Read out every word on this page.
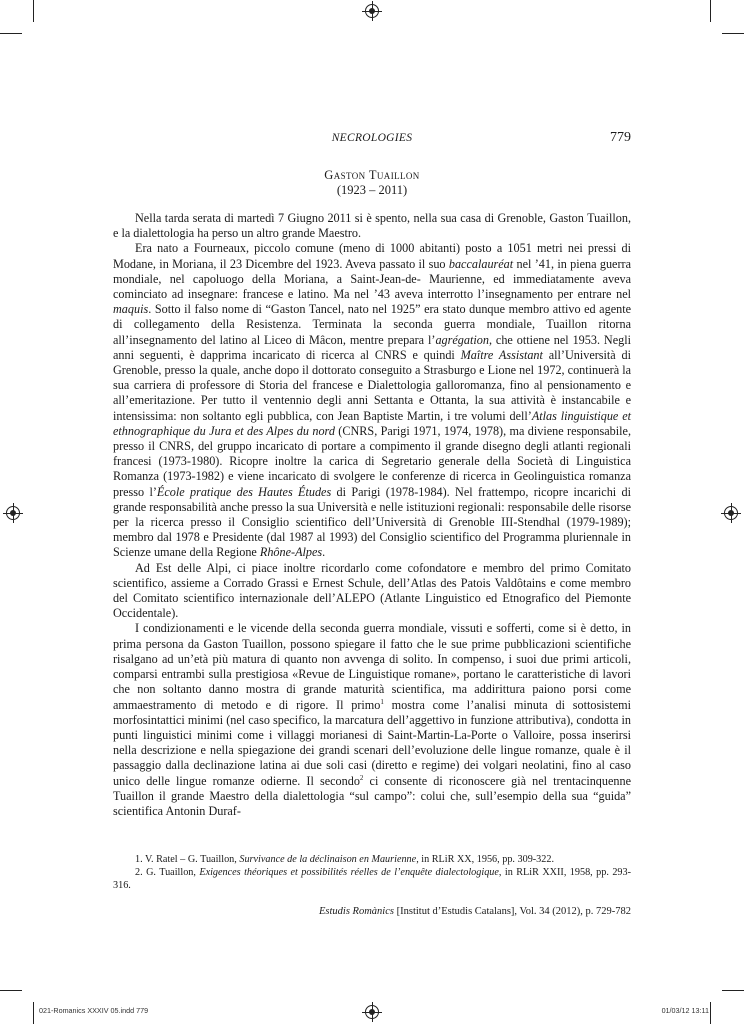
NECROLOGIES	779
Gaston Tuaillon
(1923 – 2011)

Nella tarda serata di martedì 7 Giugno 2011 si è spento, nella sua casa di Grenoble, Gaston Tuaillon, e la dialettologia ha perso un altro grande Maestro.

Era nato a Fourneaux, piccolo comune (meno di 1000 abitanti) posto a 1051 metri nei pressi di Modane, in Moriana, il 23 Dicembre del 1923. Aveva passato il suo baccalauréat nel ’41, in piena guerra mondiale, nel capoluogo della Moriana, a Saint-Jean-de- Maurienne, ed immediatamente aveva cominciato ad insegnare: francese e latino. Ma nel ’43 aveva interrotto l’insegnamento per entrare nel maquis. Sotto il falso nome di “Gaston Tancel, nato nel 1925” era stato dunque membro attivo ed agente di collegamento della Resistenza. Terminata la seconda guerra mondiale, Tuaillon ritorna all’insegnamento del latino al Liceo di Mâcon, mentre prepara l’agrégation, che ottiene nel 1953. Negli anni seguenti, è dapprima incaricato di ricerca al CNRS e quindi Maître Assistant all’Università di Grenoble, presso la quale, anche dopo il dottorato conseguito a Strasburgo e Lione nel 1972, continuerà la sua carriera di professore di Storia del francese e Dialettologia galloromanza, fino al pensionamento e all’emeritazione. Per tutto il ventennio degli anni Settanta e Ottanta, la sua attività è instancabile e intensissima: non soltanto egli pubblica, con Jean Baptiste Martin, i tre volumi dell’Atlas linguistique et ethnographique du Jura et des Alpes du nord (CNRS, Parigi 1971, 1974, 1978), ma diviene responsabile, presso il CNRS, del gruppo incaricato di portare a compimento il grande disegno degli atlanti regionali francesi (1973-1980). Ricopre inoltre la carica di Segretario generale della Società di Linguistica Romanza (1973-1982) e viene incaricato di svolgere le conferenze di ricerca in Geolinguistica romanza presso l’École pratique des Hautes Études di Parigi (1978-1984). Nel frattempo, ricopre incarichi di grande responsabilità anche presso la sua Università e nelle istituzioni regionali: responsabile delle risorse per la ricerca presso il Consiglio scientifico dell’Università di Grenoble III-Stendhal (1979-1989); membro dal 1978 e Presidente (dal 1987 al 1993) del Consiglio scientifico del Programma pluriennale in Scienze umane della Regione Rhône-Alpes.

Ad Est delle Alpi, ci piace inoltre ricordarlo come cofondatore e membro del primo Comitato scientifico, assieme a Corrado Grassi e Ernest Schule, dell’Atlas des Patois Valdôtains e come membro del Comitato scientifico internazionale dell’ALEPO (Atlante Linguistico ed Etnografico del Piemonte Occidentale).

I condizionamenti e le vicende della seconda guerra mondiale, vissuti e sofferti, come si è detto, in prima persona da Gaston Tuaillon, possono spiegare il fatto che le sue prime pubblicazioni scientifiche risalgano ad un’età più matura di quanto non avvenga di solito. In compenso, i suoi due primi articoli, comparsi entrambi sulla prestigiosa «Revue de Linguistique romane», portano le caratteristiche di lavori che non soltanto danno mostra di grande maturità scientifica, ma addirittura paiono porsi come ammaestramento di metodo e di rigore. Il primo$^1$ mostra come l’analisi minuta di sottosistemi morfosintattici minimi (nel caso specifico, la marcatura dell’aggettivo in funzione attributiva), condotta in punti linguistici minimi come i villaggi morianesi di Saint-Martin-La-Porte o Valloire, possa inserirsi nella descrizione e nella spiegazione dei grandi scenari dell’evoluzione delle lingue romanze, quale è il passaggio dalla declinazione latina ai due soli casi (diretto e regime) dei volgari neolatini, fino al caso unico delle lingue romanze odierne. Il secondo$^2$ ci consente di riconoscere già nel trentacinquenne Tuaillon il grande Maestro della dialettologia “sul campo”: colui che, sull’esempio della sua “guida” scientifica Antonin Duraf-

1. V. Ratel – G. Tuaillon, Survivance de la déclinaison en Maurienne, in RLiR XX, 1956, pp. 309-322.

2. G. Tuaillon, Exigences théoriques et possibilités réelles de l’enquête dialectologique, in RLiR XXII, 1958, pp. 293-316.

Estudis Romànics [Institut d’Estudis Catalans], Vol. 34 (2012), p. 729-782
021-Romanics XXXIV 05.indd 779	01/03/12 13:11
